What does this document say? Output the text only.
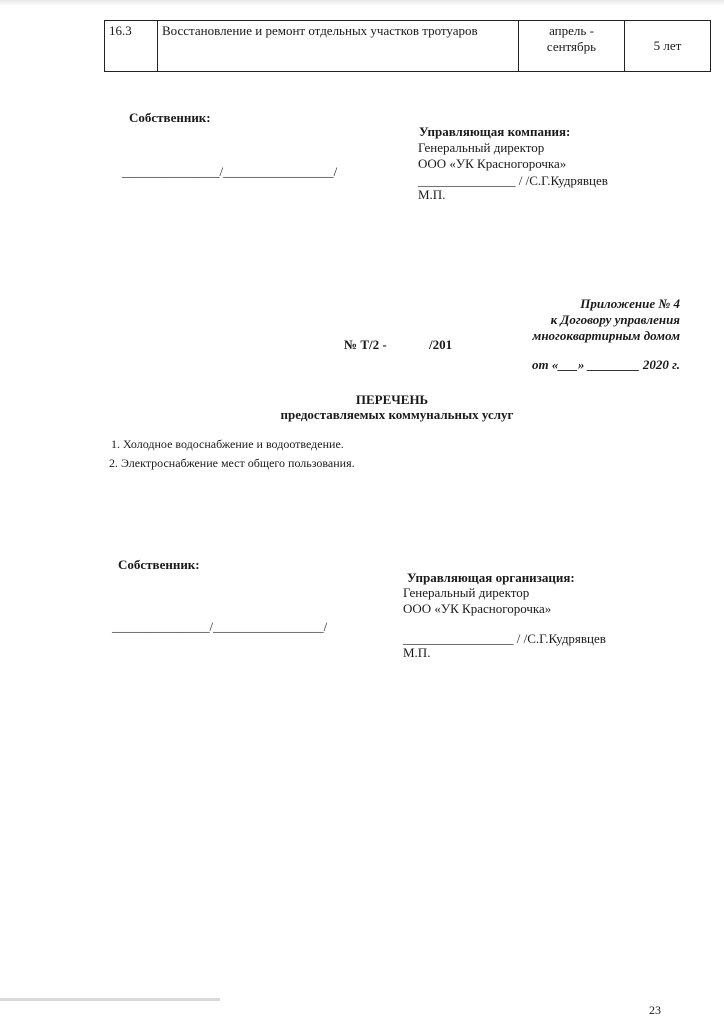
16.3	Восстановление и ремонт отдельных участков тротуаров	апрель -
сентябрь	5 лет
Собственник:
_______________/_________________/
Управляющая компания:
Генеральный директор
ООО «УК Красногорочка»
_______________ / /С.Г.Кудрявцев
М.П.
Приложение № 4
к Договору управления
многоквартирным домом
№ Т/2 -	/201
от «___» ________ 2020 г.
ПЕРЕЧЕНЬ
предоставляемых коммунальных услуг
1. Холодное водоснабжение и водоотведение.
2. Электроснабжение мест общего пользования.
Собственник:
_______________/_________________/
Управляющая организация:
Генеральный директор
ООО «УК Красногорочка»
_________________ / /С.Г.Кудрявцев
М.П.
23
